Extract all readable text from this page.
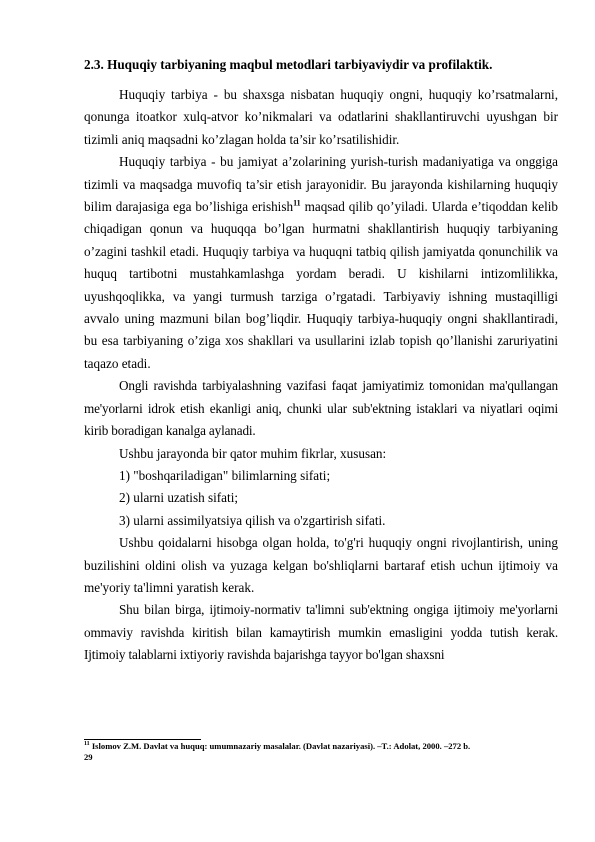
2.3. Huquqiy tarbiyaning maqbul metodlari tarbiyaviydir va profilaktik.

Huquqiy tarbiya - bu shaxsga nisbatan huquqiy ongni, huquqiy ko’rsatmalarni, qonunga itoatkor xulq-atvor ko’nikmalari va odatlarini shakllantiruvchi uyushgan bir tizimli aniq maqsadni ko’zlagan holda ta’sir ko’rsatilishidir.

Huquqiy tarbiya - bu jamiyat a’zolarining yurish-turish madaniyatiga va onggiga tizimli va maqsadga muvofiq ta’sir etish jarayonidir. Bu jarayonda kishilarning huquqiy bilim darajasiga ega bo’lishiga erishish$^{11}$ maqsad qilib qo’yiladi. Ularda e’tiqoddan kelib chiqadigan qonun va huquqqa bo’lgan hurmatni shakllantirish huquqiy tarbiyaning o’zagini tashkil etadi. Huquqiy tarbiya va huquqni tatbiq qilish jamiyatda qonunchilik va huquq tartibotni mustahkamlashga yordam beradi. U kishilarni intizomlilikka, uyushqoqlikka, va yangi turmush tarziga o’rgatadi. Tarbiyaviy ishning mustaqilligi avvalo uning mazmuni bilan bog’liqdir. Huquqiy tarbiya-huquqiy ongni shakllantiradi, bu esa tarbiyaning o’ziga xos shakllari va usullarini izlab topish qo’llanishi zaruriyatini taqazo etadi.

Ongli ravishda tarbiyalashning vazifasi faqat jamiyatimiz tomonidan ma'qullangan me'yorlarni idrok etish ekanligi aniq, chunki ular sub'ektning istaklari va niyatlari oqimi kirib boradigan kanalga aylanadi.

Ushbu jarayonda bir qator muhim fikrlar, xususan:

1) "boshqariladigan" bilimlarning sifati;

2) ularni uzatish sifati;

3) ularni assimilyatsiya qilish va o'zgartirish sifati.

Ushbu qoidalarni hisobga olgan holda, to'g'ri huquqiy ongni rivojlantirish, uning buzilishini oldini olish va yuzaga kelgan bo'shliqlarni bartaraf etish uchun ijtimoiy va me'yoriy ta'limni yaratish kerak.

Shu bilan birga, ijtimoiy-normativ ta'limni sub'ektning ongiga ijtimoiy me'yorlarni ommaviy ravishda kiritish bilan kamaytirish mumkin emasligini yodda tutish kerak. Ijtimoiy talablarni ixtiyoriy ravishda bajarishga tayyor bo'lgan shaxsni

$^{11}$ Islomov Z.M. Davlat va huquq: umumnazariy masalalar. (Davlat nazariyasi). –T.: Adolat, 2000. –272 b.
29
